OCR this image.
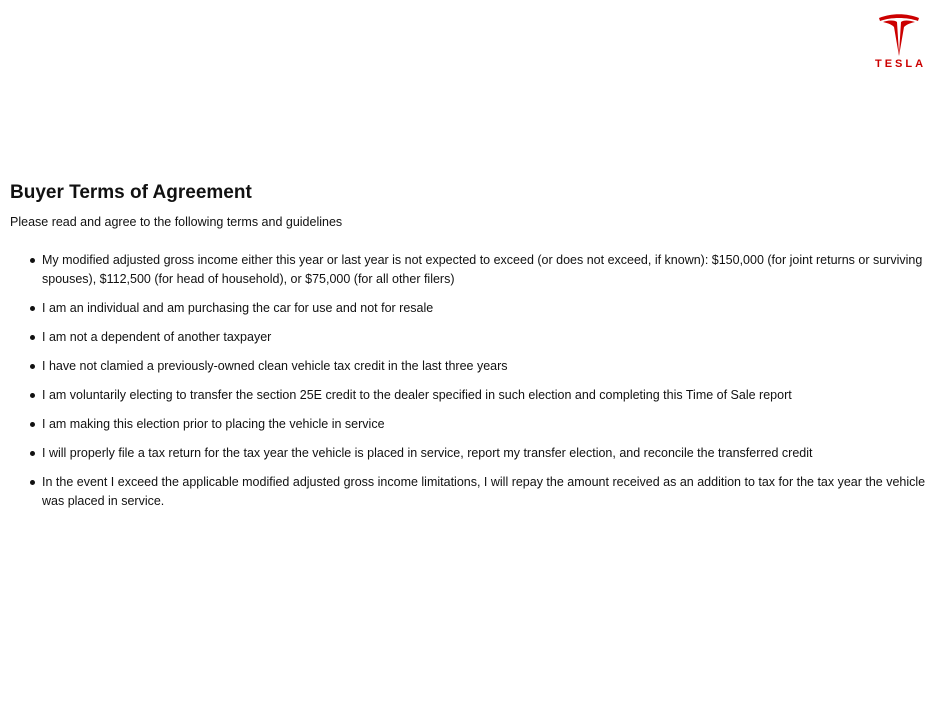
TESLA
Buyer Terms of Agreement

Please read and agree to the following terms and guidelines

My modified adjusted gross income either this year or last year is not expected to exceed (or does not exceed, if known): $150,000 (for joint returns or surviving spouses), $112,500 (for head of household), or $75,000 (for all other filers)
I am an individual and am purchasing the car for use and not for resale
I am not a dependent of another taxpayer
I have not clamied a previously-owned clean vehicle tax credit in the last three years
I am voluntarily electing to transfer the section 25E credit to the dealer specified in such election and completing this Time of Sale report
I am making this election prior to placing the vehicle in service
I will properly file a tax return for the tax year the vehicle is placed in service, report my transfer election, and reconcile the transferred credit
In the event I exceed the applicable modified adjusted gross income limitations, I will repay the amount received as an addition to tax for the tax year the vehicle was placed in service.
